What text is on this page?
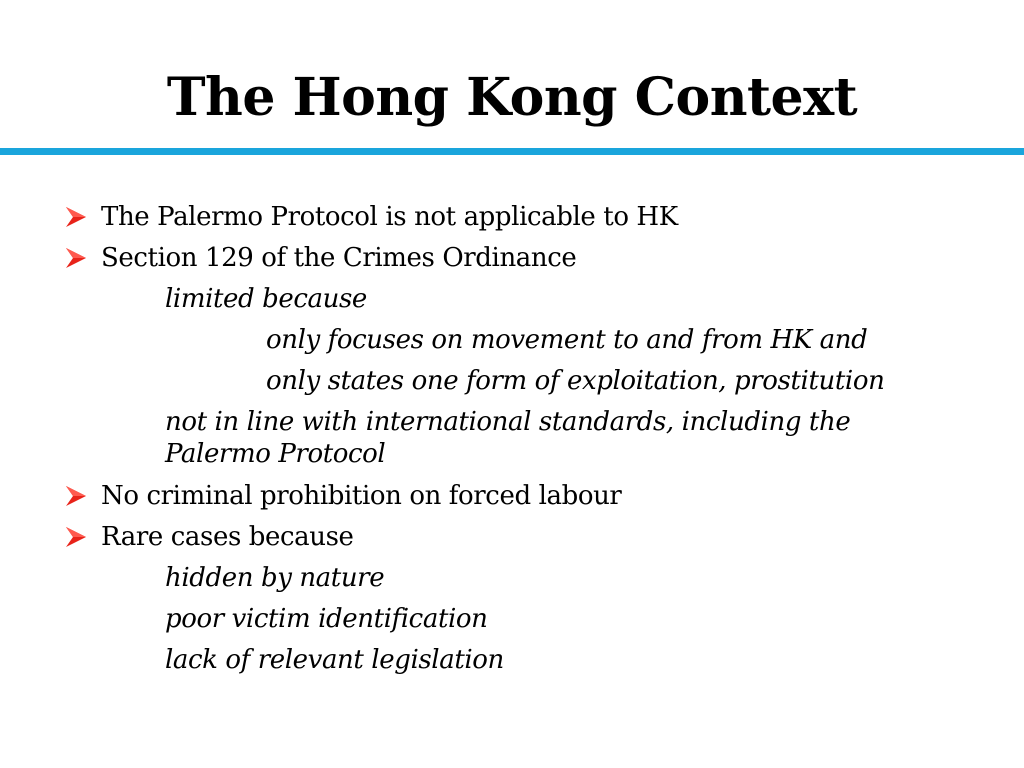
The Hong Kong Context
The Palermo Protocol is not applicable to HK
Section 129 of the Crimes Ordinance
limited because
only focuses on movement to and from HK and
only states one form of exploitation, prostitution
not in line with international standards, including the Palermo Protocol
No criminal prohibition on forced labour
Rare cases because
hidden by nature
poor victim identification
lack of relevant legislation
